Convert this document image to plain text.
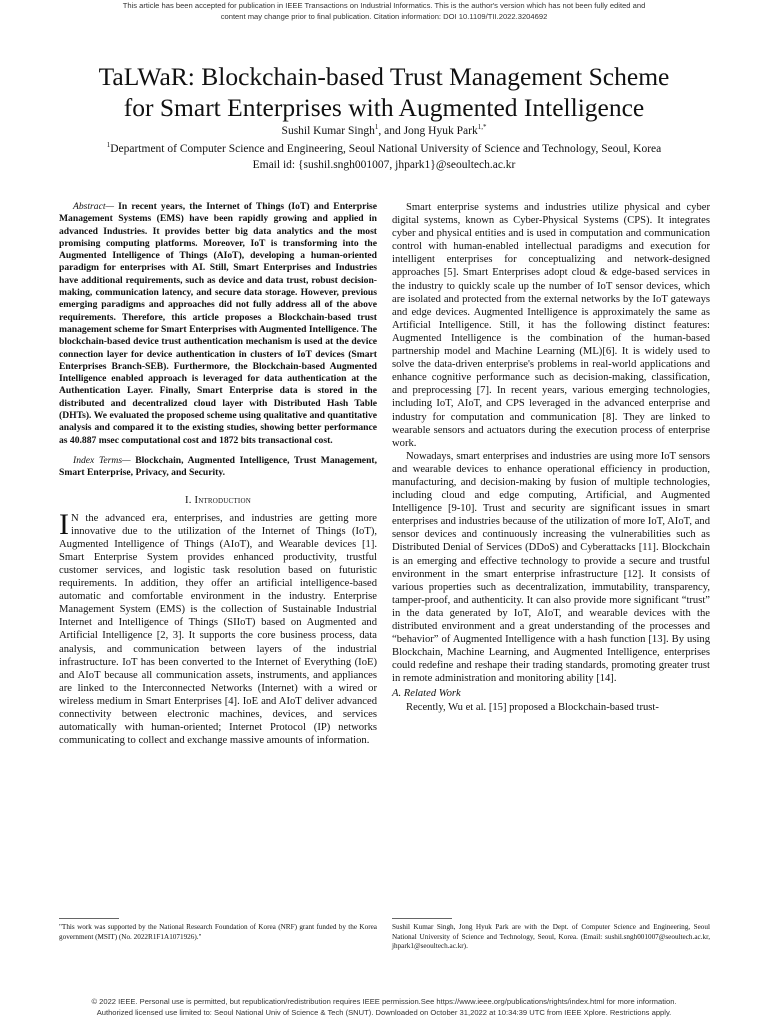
This article has been accepted for publication in IEEE Transactions on Industrial Informatics. This is the author's version which has not been fully edited and
content may change prior to final publication. Citation information: DOI 10.1109/TII.2022.3204692
TaLWaR: Blockchain-based Trust Management Scheme
for Smart Enterprises with Augmented Intelligence
Sushil Kumar Singh$^1$, and Jong Hyuk Park$^{1,*}$
$^1$Department of Computer Science and Engineering, Seoul National University of Science and Technology, Seoul, Korea
Email id: {sushil.sngh001007, jhpark1}@seoultech.ac.kr

Abstract— In recent years, the Internet of Things (IoT) and Enterprise Management Systems (EMS) have been rapidly growing and applied in advanced Industries. It provides better big data analytics and the most promising computing platforms. Moreover, IoT is transforming into the Augmented Intelligence of Things (AIoT), developing a human-oriented paradigm for enterprises with AI. Still, Smart Enterprises and Industries have additional requirements, such as device and data trust, robust decision-making, communication latency, and secure data storage. However, previous emerging paradigms and approaches did not fully address all of the above requirements. Therefore, this article proposes a Blockchain-based trust management scheme for Smart Enterprises with Augmented Intelligence. The blockchain-based device trust authentication mechanism is used at the device connection layer for device authentication in clusters of IoT devices (Smart Enterprises Branch-SEB). Furthermore, the Blockchain-based Augmented Intelligence enabled approach is leveraged for data authentication at the Authentication Layer. Finally, Smart Enterprise data is stored in the distributed and decentralized cloud layer with Distributed Hash Table (DHTs). We evaluated the proposed scheme using qualitative and quantitative analysis and compared it to the existing studies, showing better performance as 40.887 msec computational cost and 1872 bits transactional cost.

Index Terms— Blockchain, Augmented Intelligence, Trust Management, Smart Enterprise, Privacy, and Security.

I. Introduction

I N the advanced era, enterprises, and industries are getting more innovative due to the utilization of the Internet of Things (IoT), Augmented Intelligence of Things (AIoT), and Wearable devices [1]. Smart Enterprise System provides enhanced productivity, trustful customer services, and logistic task resolution based on futuristic requirements. In addition, they offer an artificial intelligence-based automatic and comfortable environment in the industry. Enterprise Management System (EMS) is the collection of Sustainable Industrial Internet and Intelligence of Things (SIIoT) based on Augmented and Artificial Intelligence [2, 3]. It supports the core business process, data analysis, and communication between layers of the industrial infrastructure. IoT has been converted to the Internet of Everything (IoE) and AIoT because all communication assets, instruments, and appliances are linked to the Interconnected Networks (Internet) with a wired or wireless medium in Smart Enterprises [4]. IoE and AIoT deliver advanced connectivity between electronic machines, devices, and services automatically with human-oriented; Internet Protocol (IP) networks communicating to collect and exchange massive amounts of information.

Smart enterprise systems and industries utilize physical and cyber digital systems, known as Cyber-Physical Systems (CPS). It integrates cyber and physical entities and is used in computation and communication control with human-enabled intellectual paradigms and execution for intelligent enterprises for conceptualizing and network-designed approaches [5]. Smart Enterprises adopt cloud & edge-based services in the industry to quickly scale up the number of IoT sensor devices, which are isolated and protected from the external networks by the IoT gateways and edge devices. Augmented Intelligence is approximately the same as Artificial Intelligence. Still, it has the following distinct features: Augmented Intelligence is the combination of the human-based partnership model and Machine Learning (ML)[6]. It is widely used to solve the data-driven enterprise's problems in real-world applications and enhance cognitive performance such as decision-making, classification, and preprocessing [7]. In recent years, various emerging technologies, including IoT, AIoT, and CPS leveraged in the advanced enterprise and industry for computation and communication [8]. They are linked to wearable sensors and actuators during the execution process of enterprise work.

Nowadays, smart enterprises and industries are using more IoT sensors and wearable devices to enhance operational efficiency in production, manufacturing, and decision-making by fusion of multiple technologies, including cloud and edge computing, Artificial, and Augmented Intelligence [9-10]. Trust and security are significant issues in smart enterprises and industries because of the utilization of more IoT, AIoT, and sensor devices and continuously increasing the vulnerabilities such as Distributed Denial of Services (DDoS) and Cyberattacks [11]. Blockchain is an emerging and effective technology to provide a secure and trustful environment in the smart enterprise infrastructure [12]. It consists of various properties such as decentralization, immutability, transparency, tamper-proof, and authenticity. It can also provide more significant “trust” in the data generated by IoT, AIoT, and wearable devices with the distributed environment and a great understanding of the processes and “behavior” of Augmented Intelligence with a hash function [13]. By using Blockchain, Machine Learning, and Augmented Intelligence, enterprises could redefine and reshape their trading standards, promoting greater trust in remote administration and monitoring ability [14].

A. Related Work

Recently, Wu et al. [15] proposed a Blockchain-based trust-

"This work was supported by the National Research Foundation of Korea (NRF) grant funded by the Korea government (MSIT) (No. 2022R1F1A1071926)."
Sushil Kumar Singh, Jong Hyuk Park are with the Dept. of Computer Science and Engineering, Seoul National University of Science and Technology, Seoul, Korea. (Email: sushil.sngh001007@seoultech.ac.kr, jhpark1@seoultech.ac.kr).
© 2022 IEEE. Personal use is permitted, but republication/redistribution requires IEEE permission.See https://www.ieee.org/publications/rights/index.html for more information.
Authorized licensed use limited to: Seoul National Univ of Science & Tech (SNUT). Downloaded on October 31,2022 at 10:34:39 UTC from IEEE Xplore. Restrictions apply.
